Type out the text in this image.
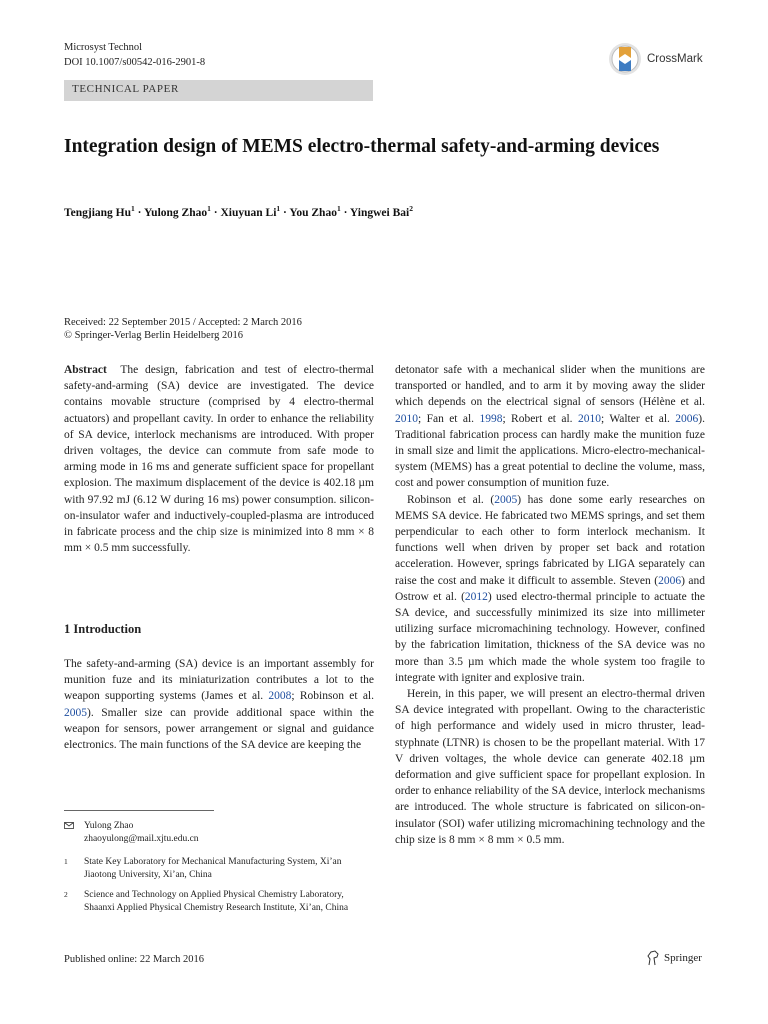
Microsyst Technol
DOI 10.1007/s00542-016-2901-8	CrossMark
TECHNICAL PAPER
Integration design of MEMS electro-thermal safety-and-arming devices
Tengjiang $Hu^1$ · Yulong Zhao$^1$ · Xiuyuan $Li^1$ · You Zhao$^1$ · Yingwei Bai$^2$
Received: 22 September 2015 / Accepted: 2 March 2016
© Springer-Verlag Berlin Heidelberg 2016

Abstract The design, fabrication and test of electro-thermal safety-and-arming (SA) device are investigated. The device contains movable structure (comprised by 4 electro-thermal actuators) and propellant cavity. In order to enhance the reliability of SA device, interlock mechanisms are introduced. With proper driven voltages, the device can commute from safe mode to arming mode in 16 ms and generate sufficient space for propellant explosion. The maximum displacement of the device is 402.18 µm with 97.92 mJ (6.12 W during 16 ms) power consumption. silicon-on-insulator wafer and inductively-coupled-plasma are introduced in fabricate process and the chip size is minimized into 8 mm × 8 mm × 0.5 mm successfully.

1 Introduction

The safety-and-arming (SA) device is an important assembly for munition fuze and its miniaturization contributes a lot to the weapon supporting systems (James et al. 2008; Robinson et al. 2005). Smaller size can provide additional space within the weapon for sensors, power arrangement or signal and guidance electronics. The main functions of the SA device are keeping the

detonator safe with a mechanical slider when the munitions are transported or handled, and to arm it by moving away the slider which depends on the electrical signal of sensors (Hélène et al. 2010; Fan et al. 1998; Robert et al. 2010; Walter et al. 2006). Traditional fabrication process can hardly make the munition fuze in small size and limit the applications. Micro-electro-mechanical-system (MEMS) has a great potential to decline the volume, mass, cost and power consumption of munition fuze.

Robinson et al. (2005) has done some early researches on MEMS SA device. He fabricated two MEMS springs, and set them perpendicular to each other to form interlock mechanism. It functions well when driven by proper set back and rotation acceleration. However, springs fabricated by LIGA separately can raise the cost and make it difficult to assemble. Steven (2006) and Ostrow et al. (2012) used electro-thermal principle to actuate the SA device, and successfully minimized its size into millimeter utilizing surface micromachining technology. However, confined by the fabrication limitation, thickness of the SA device was no more than 3.5 µm which made the whole system too fragile to integrate with igniter and explosive train.

Herein, in this paper, we will present an electro-thermal driven SA device integrated with propellant. Owing to the characteristic of high performance and widely used in micro thruster, lead-styphnate (LTNR) is chosen to be the propellant material. With 17 V driven voltages, the whole device can generate 402.18 µm deformation and give sufficient space for propellant explosion. In order to enhance reliability of the SA device, interlock mechanisms are introduced. The whole structure is fabricated on silicon-on-insulator (SOI) wafer utilizing micromachining technology and the chip size is 8 mm × 8 mm × 0.5 mm.

Yulong Zhao
zhaoyulong@mail.xjtu.edu.cn
1 State Key Laboratory for Mechanical Manufacturing System, Xi’an Jiaotong University, Xi’an, China
2 Science and Technology on Applied Physical Chemistry Laboratory, Shaanxi Applied Physical Chemistry Research Institute, Xi’an, China
Published online: 22 March 2016	Springer
